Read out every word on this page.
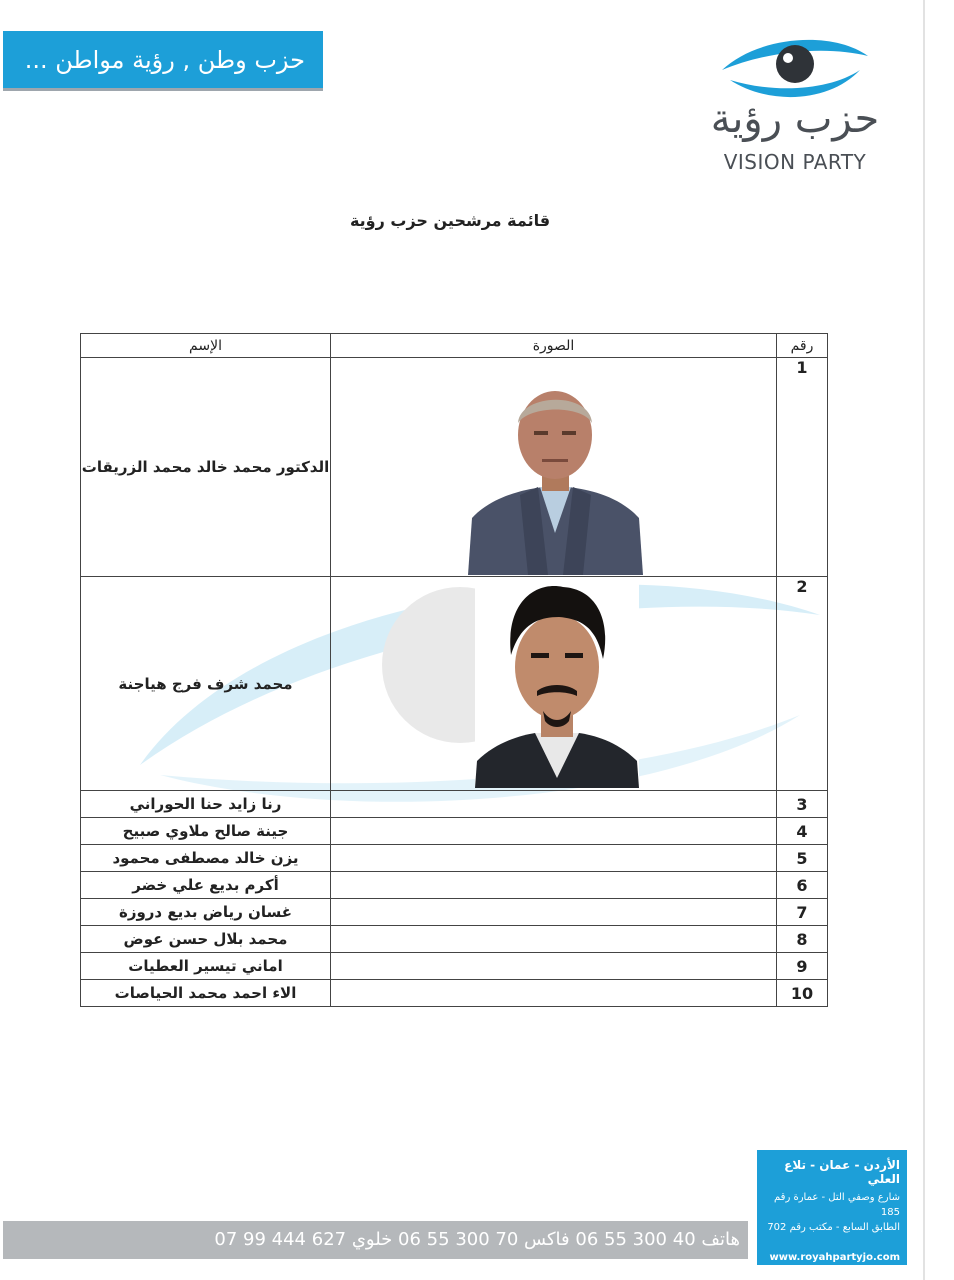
حزب وطن , رؤية مواطن ...
حزب رؤية
VISION PARTY
قائمة مرشحين حزب رؤية
رقم	الصورة	الإسم
1		الدكتور محمد خالد محمد الزريقات
2		محمد شرف فرج هياجنة
3		رنا زايد حنا الحوراني
4		جينة صالح ملاوي صبيح
5		يزن خالد مصطفى محمود
6		أكرم بديع علي خضر
7		غسان رياض بديع دروزة
8		محمد بلال حسن عوض
9		اماني تيسير العطيات
10		الاء احمد محمد الحياصات
هاتف 40 300 55 06 فاكس 70 300 55 06 خلوي 627 444 99 07
الأردن - عمان - تلاع العلي
شارع وصفي التل - عمارة رقم 185
الطابق السابع - مكتب رقم 702
www.royahpartyjo.com
info@royahpartyjo.com
